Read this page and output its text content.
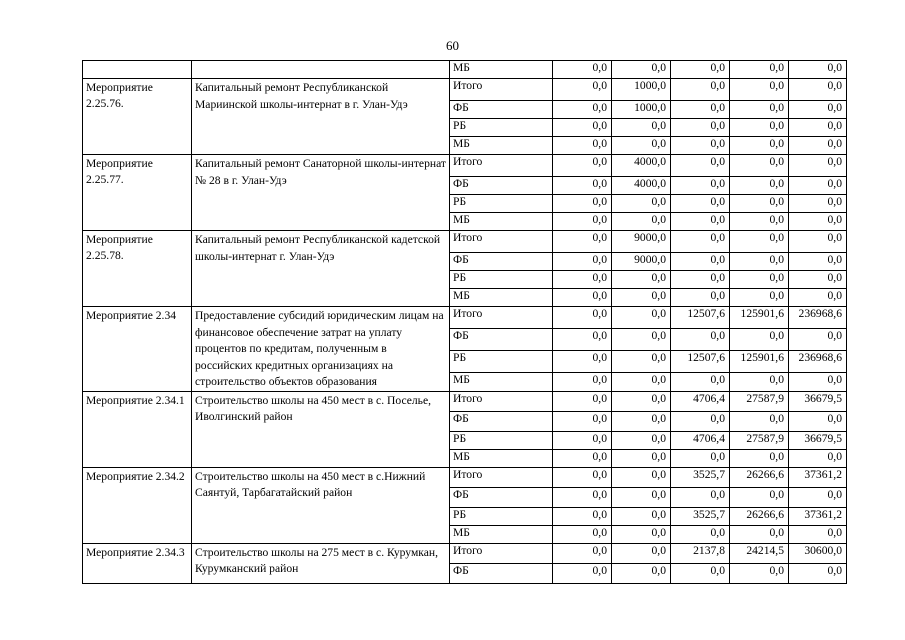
60
		МБ	0,0	0,0	0,0	0,0	0,0
Мероприятие 2.25.76.	Капитальный ремонт Республиканской Мариинской школы-интернат в г. Улан-Удэ	Итого	0,0	1000,0	0,0	0,0	0,0
		ФБ	0,0	1000,0	0,0	0,0	0,0
		РБ	0,0	0,0	0,0	0,0	0,0
		МБ	0,0	0,0	0,0	0,0	0,0
Мероприятие 2.25.77.	Капитальный ремонт Санаторной школы-интернат № 28 в г. Улан-Удэ	Итого	0,0	4000,0	0,0	0,0	0,0
		ФБ	0,0	4000,0	0,0	0,0	0,0
		РБ	0,0	0,0	0,0	0,0	0,0
		МБ	0,0	0,0	0,0	0,0	0,0
Мероприятие 2.25.78.	Капитальный ремонт Республиканской кадетской школы-интернат г. Улан-Удэ	Итого	0,0	9000,0	0,0	0,0	0,0
		ФБ	0,0	9000,0	0,0	0,0	0,0
		РБ	0,0	0,0	0,0	0,0	0,0
		МБ	0,0	0,0	0,0	0,0	0,0
Мероприятие 2.34	Предоставление субсидий юридическим лицам на финансовое обеспечение затрат на уплату процентов по кредитам, полученным в российских кредитных организациях на строительство объектов образования	Итого	0,0	0,0	12507,6	125901,6	236968,6
		ФБ	0,0	0,0	0,0	0,0	0,0
		РБ	0,0	0,0	12507,6	125901,6	236968,6
		МБ	0,0	0,0	0,0	0,0	0,0
Мероприятие 2.34.1	Строительство школы на 450 мест в с. Поселье, Иволгинский район	Итого	0,0	0,0	4706,4	27587,9	36679,5
		ФБ	0,0	0,0	0,0	0,0	0,0
		РБ	0,0	0,0	4706,4	27587,9	36679,5
		МБ	0,0	0,0	0,0	0,0	0,0
Мероприятие 2.34.2	Строительство школы на 450 мест в с.Нижний Саянтуй, Тарбагатайский район	Итого	0,0	0,0	3525,7	26266,6	37361,2
		ФБ	0,0	0,0	0,0	0,0	0,0
		РБ	0,0	0,0	3525,7	26266,6	37361,2
		МБ	0,0	0,0	0,0	0,0	0,0
Мероприятие 2.34.3	Строительство школы на 275 мест в с. Курумкан, Курумканский район	Итого	0,0	0,0	2137,8	24214,5	30600,0
		ФБ	0,0	0,0	0,0	0,0	0,0
